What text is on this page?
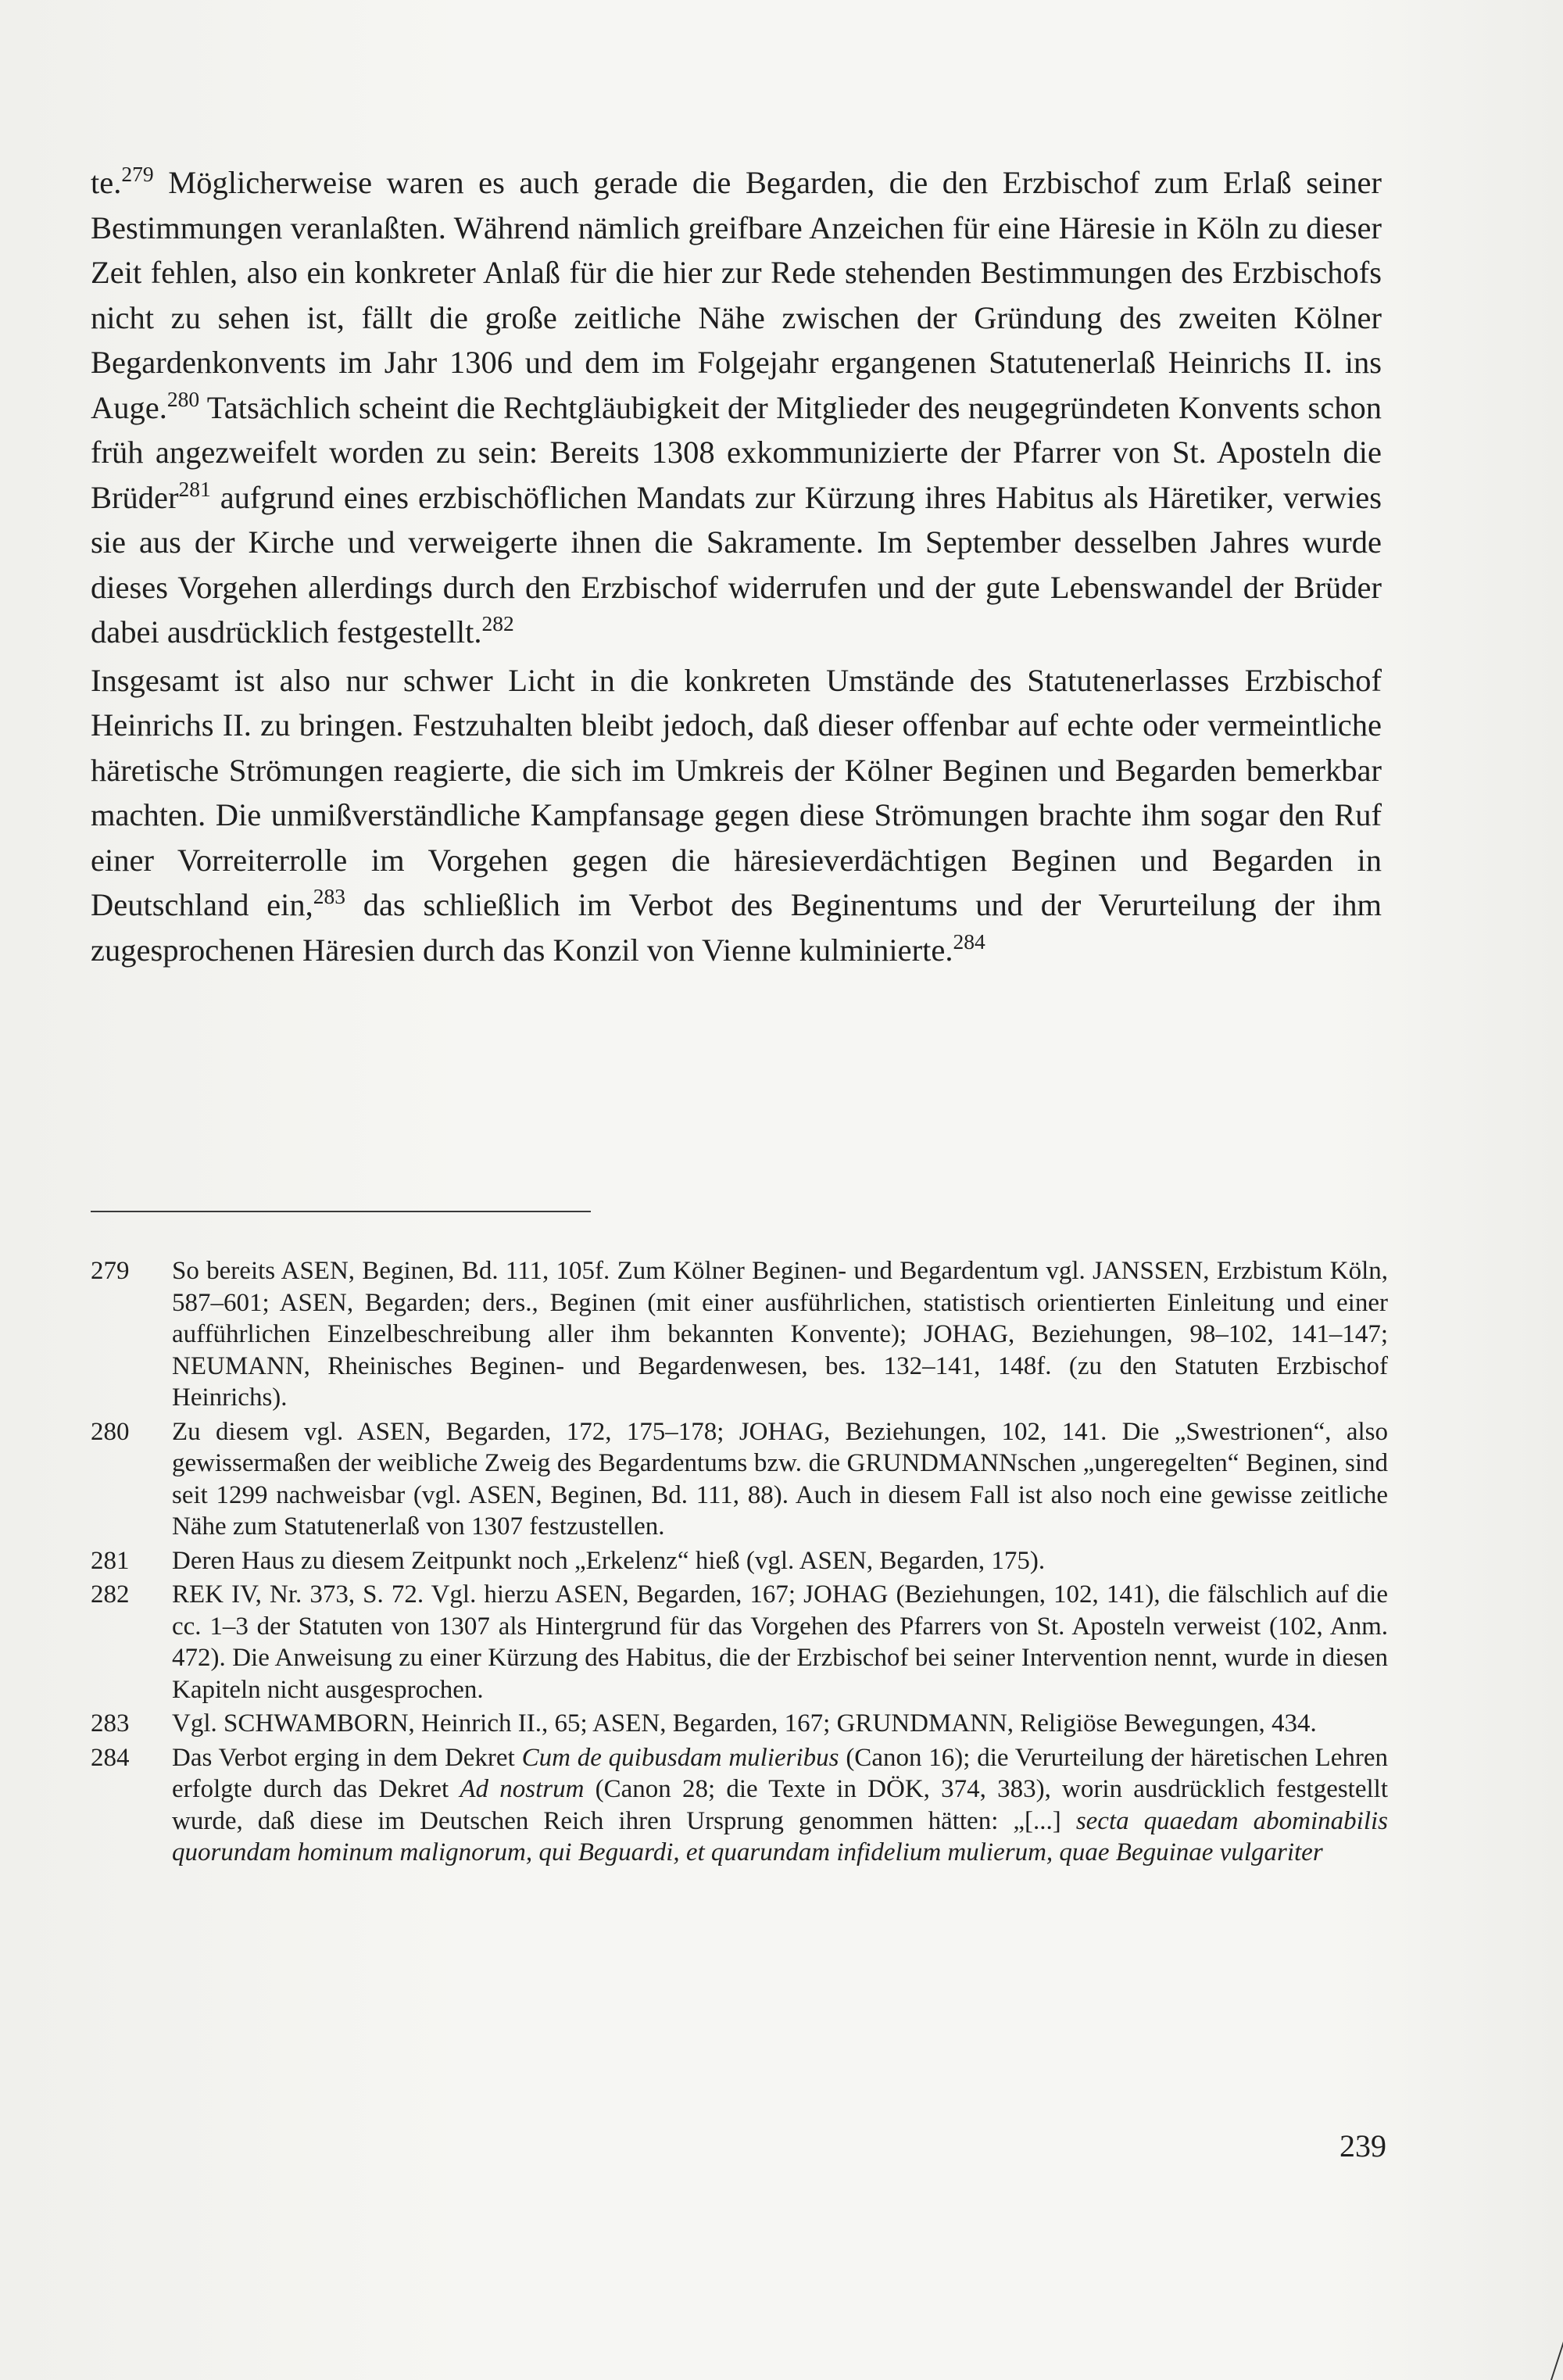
te.$^{279}$ Möglicherweise waren es auch gerade die Begarden, die den Erzbischof zum Erlaß seiner Bestimmungen veranlaßten. Während nämlich greifbare Anzeichen für eine Häresie in Köln zu dieser Zeit fehlen, also ein konkreter Anlaß für die hier zur Rede stehenden Bestimmungen des Erzbischofs nicht zu sehen ist, fällt die große zeitliche Nähe zwischen der Gründung des zweiten Kölner Begardenkonvents im Jahr 1306 und dem im Folgejahr ergangenen Statutenerlaß Heinrichs II. ins Auge.$^{280}$ Tatsächlich scheint die Rechtgläubigkeit der Mitglieder des neugegründeten Konvents schon früh angezweifelt worden zu sein: Bereits 1308 exkommunizierte der Pfarrer von St. Aposteln die Brüder$^{281}$ aufgrund eines erzbischöflichen Mandats zur Kürzung ihres Habitus als Häretiker, verwies sie aus der Kirche und verweigerte ihnen die Sakramente. Im September desselben Jahres wurde dieses Vorgehen allerdings durch den Erzbischof widerrufen und der gute Lebenswandel der Brüder dabei ausdrücklich festgestellt.$^{282}$

Insgesamt ist also nur schwer Licht in die konkreten Umstände des Statutenerlasses Erzbischof Heinrichs II. zu bringen. Festzuhalten bleibt jedoch, daß dieser offenbar auf echte oder vermeintliche häretische Strömungen reagierte, die sich im Umkreis der Kölner Beginen und Begarden bemerkbar machten. Die unmißverständliche Kampfansage gegen diese Strömungen brachte ihm sogar den Ruf einer Vorreiterrolle im Vorgehen gegen die häresieverdächtigen Beginen und Begarden in Deutschland ein,$^{283}$ das schließlich im Verbot des Beginentums und der Verurteilung der ihm zugesprochenen Häresien durch das Konzil von Vienne kulminierte.$^{284}$

279	So bereits ASEN, Beginen, Bd. 111, 105f. Zum Kölner Beginen- und Begardentum vgl. JANSSEN, Erzbistum Köln, 587–601; ASEN, Begarden; ders., Beginen (mit einer ausführlichen, statistisch orientierten Einleitung und einer aufführlichen Einzelbeschreibung aller ihm bekannten Konvente); JOHAG, Beziehungen, 98–102, 141–147; NEUMANN, Rheinisches Beginen- und Begardenwesen, bes. 132–141, 148f. (zu den Statuten Erzbischof Heinrichs).
280	Zu diesem vgl. ASEN, Begarden, 172, 175–178; JOHAG, Beziehungen, 102, 141. Die „Swestrionen“, also gewissermaßen der weibliche Zweig des Begardentums bzw. die GRUNDMANNschen „ungeregelten“ Beginen, sind seit 1299 nachweisbar (vgl. ASEN, Beginen, Bd. 111, 88). Auch in diesem Fall ist also noch eine gewisse zeitliche Nähe zum Statutenerlaß von 1307 festzustellen.
281	Deren Haus zu diesem Zeitpunkt noch „Erkelenz“ hieß (vgl. ASEN, Begarden, 175).
282	REK IV, Nr. 373, S. 72. Vgl. hierzu ASEN, Begarden, 167; JOHAG (Beziehungen, 102, 141), die fälschlich auf die cc. 1–3 der Statuten von 1307 als Hintergrund für das Vorgehen des Pfarrers von St. Aposteln verweist (102, Anm. 472). Die Anweisung zu einer Kürzung des Habitus, die der Erzbischof bei seiner Intervention nennt, wurde in diesen Kapiteln nicht ausgesprochen.
283	Vgl. SCHWAMBORN, Heinrich II., 65; ASEN, Begarden, 167; GRUNDMANN, Religiöse Bewegungen, 434.
284	Das Verbot erging in dem Dekret Cum de quibusdam mulieribus (Canon 16); die Verurteilung der häretischen Lehren erfolgte durch das Dekret Ad nostrum (Canon 28; die Texte in DÖK, 374, 383), worin ausdrücklich festgestellt wurde, daß diese im Deutschen Reich ihren Ursprung genommen hätten: „[...] secta quaedam abominabilis quorundam hominum malignorum, qui Beguardi, et quarundam infidelium mulierum, quae Beguinae vulgariter
239
